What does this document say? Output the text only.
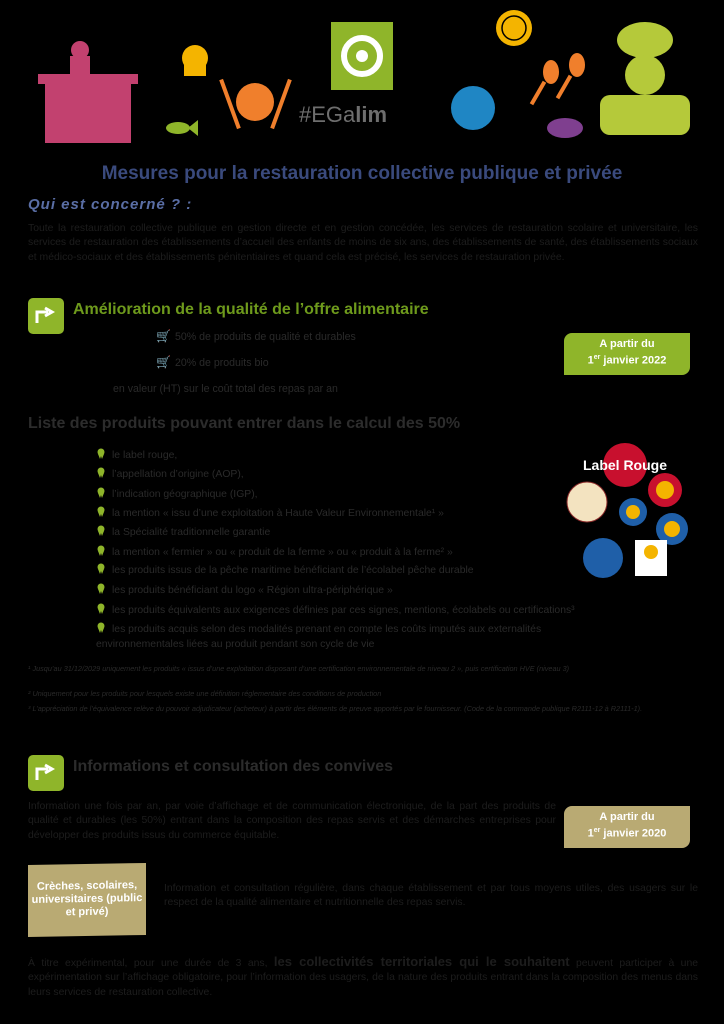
#EGalim
Mesures pour la restauration collective publique et privée
Qui est concerné ? :
Toute la restauration collective publique en gestion directe et en gestion concédée, les services de restauration scolaire et universitaire, les services de restauration des établissements d’accueil des enfants de moins de six ans, des établissements de santé, des établissements sociaux et médico-sociaux et des établissements pénitentiaires et quand cela est précisé, les services de restauration privée.
Amélioration de la qualité de l’offre alimentaire
🛒 50% de produits de qualité et durables
🛒 20% de produits bio
en valeur (HT) sur le coût total des repas par an
A partir du
1er janvier 2022
Liste des produits pouvant entrer dans le calcul des 50%
le label rouge,
l’appellation d’origine (AOP),
l’indication géographique (IGP),
la mention « issu d’une exploitation à Haute Valeur Environnementale¹ »
la Spécialité traditionnelle garantie
la mention « fermier » ou « produit de la ferme » ou « produit à la ferme² »
les produits issus de la pêche maritime bénéficiant de l’écolabel pêche durable
les produits bénéficiant du logo « Région ultra-périphérique »
les produits équivalents aux exigences définies par ces signes, mentions, écolabels ou certifications³
les produits acquis selon des modalités prenant en compte les coûts imputés aux externalités
environnementales liées au produit pendant son cycle de vie
Label Rouge
¹ Jusqu’au 31/12/2029 uniquement les produits « issus d’une exploitation disposant d’une certification environnementale de niveau 2 », puis certification HVE (niveau 3)
² Uniquement pour les produits pour lesquels existe une définition réglementaire des conditions de production
³ L’appréciation de l’équivalence relève du pouvoir adjudicateur (acheteur) à partir des éléments de preuve apportés par le fournisseur. (Code de la commande publique R2111-12 à R2111-1).
Informations et consultation des convives
Information une fois par an, par voie d’affichage et de communication électronique, de la part des produits de qualité et durables (les 50%) entrant dans la composition des repas servis et des démarches entreprises pour développer des produits issus du commerce équitable.
A partir du
1er janvier 2020
Crèches, scolaires, universitaires (public et privé)
Information et consultation régulière, dans chaque établissement et par tous moyens utiles, des usagers sur le respect de la qualité alimentaire et nutritionnelle des repas servis.
À titre expérimental, pour une durée de 3 ans, les collectivités territoriales qui le souhaitent peuvent participer à une expérimentation sur l’affichage obligatoire, pour l’information des usagers, de la nature des produits entrant dans la composition des menus dans leurs services de restauration collective.
